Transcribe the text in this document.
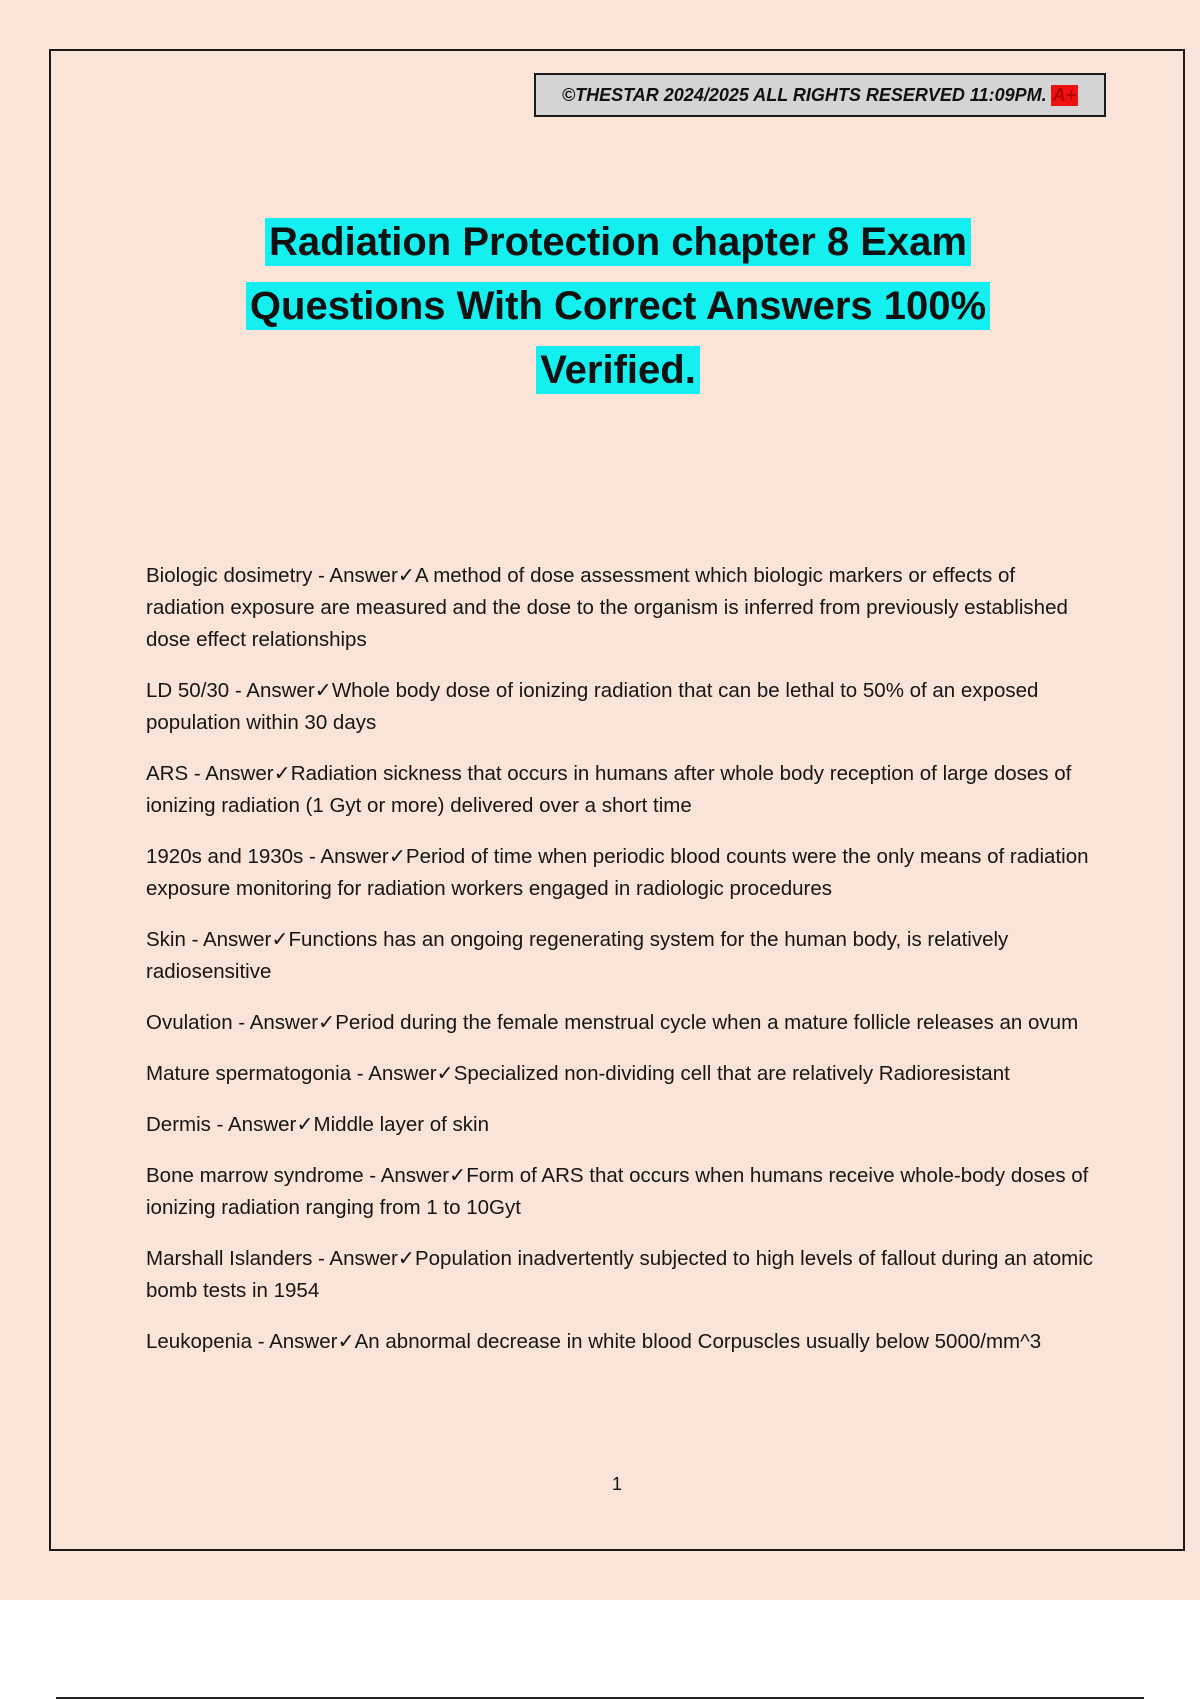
©THESTAR 2024/2025 ALL RIGHTS RESERVED 11:09PM. A+
Radiation Protection chapter 8 Exam
Questions With Correct Answers 100%
Verified.

Biologic dosimetry - Answer✓A method of dose assessment which biologic markers or effects of radiation exposure are measured and the dose to the organism is inferred from previously established dose effect relationships

LD 50/30 - Answer✓Whole body dose of ionizing radiation that can be lethal to 50% of an exposed population within 30 days

ARS - Answer✓Radiation sickness that occurs in humans after whole body reception of large doses of ionizing radiation (1 Gyt or more) delivered over a short time

1920s and 1930s - Answer✓Period of time when periodic blood counts were the only means of radiation exposure monitoring for radiation workers engaged in radiologic procedures

Skin - Answer✓Functions has an ongoing regenerating system for the human body, is relatively radiosensitive

Ovulation - Answer✓Period during the female menstrual cycle when a mature follicle releases an ovum

Mature spermatogonia - Answer✓Specialized non-dividing cell that are relatively Radioresistant

Dermis - Answer✓Middle layer of skin

Bone marrow syndrome - Answer✓Form of ARS that occurs when humans receive whole-body doses of ionizing radiation ranging from 1 to 10Gyt

Marshall Islanders - Answer✓Population inadvertently subjected to high levels of fallout during an atomic bomb tests in 1954

Leukopenia - Answer✓An abnormal decrease in white blood Corpuscles usually below 5000/mm^3

1
